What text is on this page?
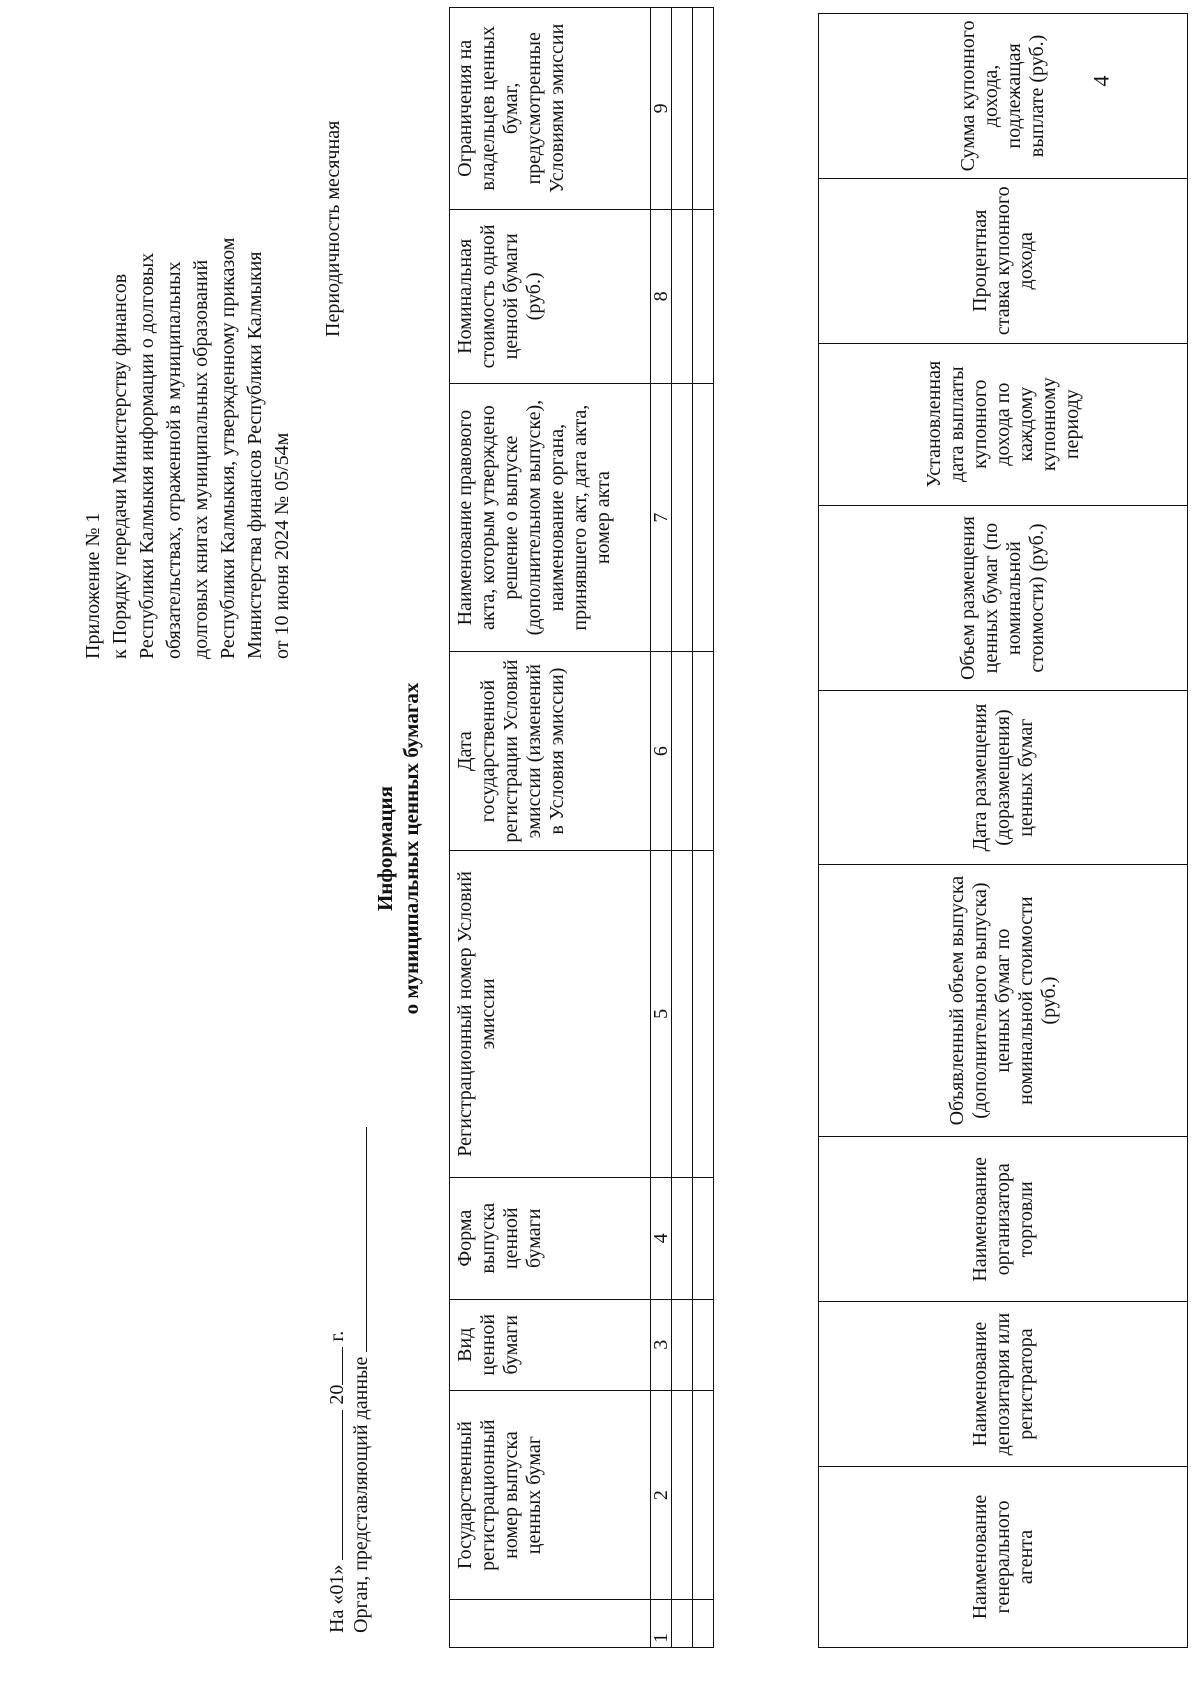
4
Приложение № 1 к Порядку передачи Министерству финансов Республики Калмыкия информации о долговых обязательствах, отраженной в муниципальных долговых книгах муниципальных образований Республики Калмыкия, утвержденному приказом Министерства финансов Республики Калмыкия от 10 июня 2024 № 05/54м
Периодичность месячная
На «01»  20 г.
Орган, представляющий данные
Информация о муниципальных ценных бумагах
	Государственный регистрационный номер выпуска ценных бумаг	Вид ценной бумаги	Форма выпуска ценной бумаги	Регистрационный номер Условий эмиссии	Дата государственной регистрации Условий эмиссии (изменений в Условия эмиссии)	Наименование правового акта, которым утверждено решение о выпуске (дополнительном выпуске), наименование органа, принявшего акт, дата акта, номер акта	Номинальная стоимость одной ценной бумаги (руб.)	Ограничения на владельцев ценных бумаг, предусмотренные Условиями эмиссии
1	2	3	4	5	6	7	8	9

Наименование генерального агента	Наименование депозитария или регистратора	Наименование организатора торговли	Объявленный объем выпуска (дополнительного выпуска) ценных бумаг по номинальной стоимости (руб.)	Дата размещения (доразмещения) ценных бумаг	Объем размещения ценных бумаг (по номинальной стоимости) (руб.)	Установленная дата выплаты купонного дохода по каждому купонному периоду	Процентная ставка купонного дохода	Сумма купонного дохода, подлежащая выплате (руб.)
